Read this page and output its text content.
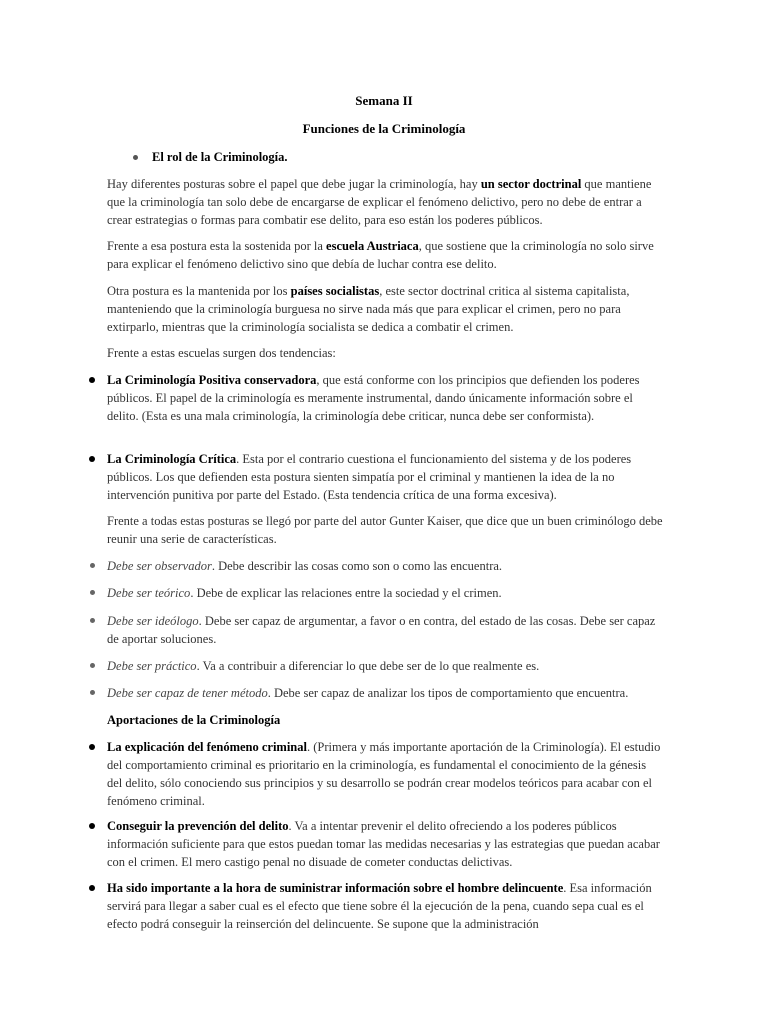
Semana II
Funciones de la Criminología
El rol de la Criminología.

Hay diferentes posturas sobre el papel que debe jugar la criminología, hay un sector doctrinal que mantiene que la criminología tan solo debe de encargarse de explicar el fenómeno delictivo, pero no debe de entrar a crear estrategias o formas para combatir ese delito, para eso están los poderes públicos.

Frente a esa postura esta la sostenida por la escuela Austriaca, que sostiene que la criminología no solo sirve para explicar el fenómeno delictivo sino que debía de luchar contra ese delito.

Otra postura es la mantenida por los países socialistas, este sector doctrinal critica al sistema capitalista, manteniendo que la criminología burguesa no sirve nada más que para explicar el crimen, pero no para extirparlo, mientras que la criminología socialista se dedica a combatir el crimen.

Frente a estas escuelas surgen dos tendencias:

La Criminología Positiva conservadora, que está conforme con los principios que defienden los poderes públicos. El papel de la criminología es meramente instrumental, dando únicamente información sobre el delito. (Esta es una mala criminología, la criminología debe criticar, nunca debe ser conformista).

La Criminología Crítica. Esta por el contrario cuestiona el funcionamiento del sistema y de los poderes públicos. Los que defienden esta postura sienten simpatía por el criminal y mantienen la idea de la no intervención punitiva por parte del Estado. (Esta tendencia crítica de una forma excesiva).

Frente a todas estas posturas se llegó por parte del autor Gunter Kaiser, que dice que un buen criminólogo debe reunir una serie de características.

Debe ser observador. Debe describir las cosas como son o como las encuentra.

Debe ser teórico. Debe de explicar las relaciones entre la sociedad y el crimen.

Debe ser ideólogo. Debe ser capaz de argumentar, a favor o en contra, del estado de las cosas. Debe ser capaz de aportar soluciones.

Debe ser práctico. Va a contribuir a diferenciar lo que debe ser de lo que realmente es.

Debe ser capaz de tener método. Debe ser capaz de analizar los tipos de comportamiento que encuentra.

Aportaciones de la Criminología

La explicación del fenómeno criminal. (Primera y más importante aportación de la Criminología). El estudio del comportamiento criminal es prioritario en la criminología, es fundamental el conocimiento de la génesis del delito, sólo conociendo sus principios y su desarrollo se podrán crear modelos teóricos para acabar con el fenómeno criminal.

Conseguir la prevención del delito. Va a intentar prevenir el delito ofreciendo a los poderes públicos información suficiente para que estos puedan tomar las medidas necesarias y las estrategias que puedan acabar con el crimen. El mero castigo penal no disuade de cometer conductas delictivas.

Ha sido importante a la hora de suministrar información sobre el hombre delincuente. Esa información servirá para llegar a saber cual es el efecto que tiene sobre él la ejecución de la pena, cuando sepa cual es el efecto podrá conseguir la reinserción del delincuente. Se supone que la administración
